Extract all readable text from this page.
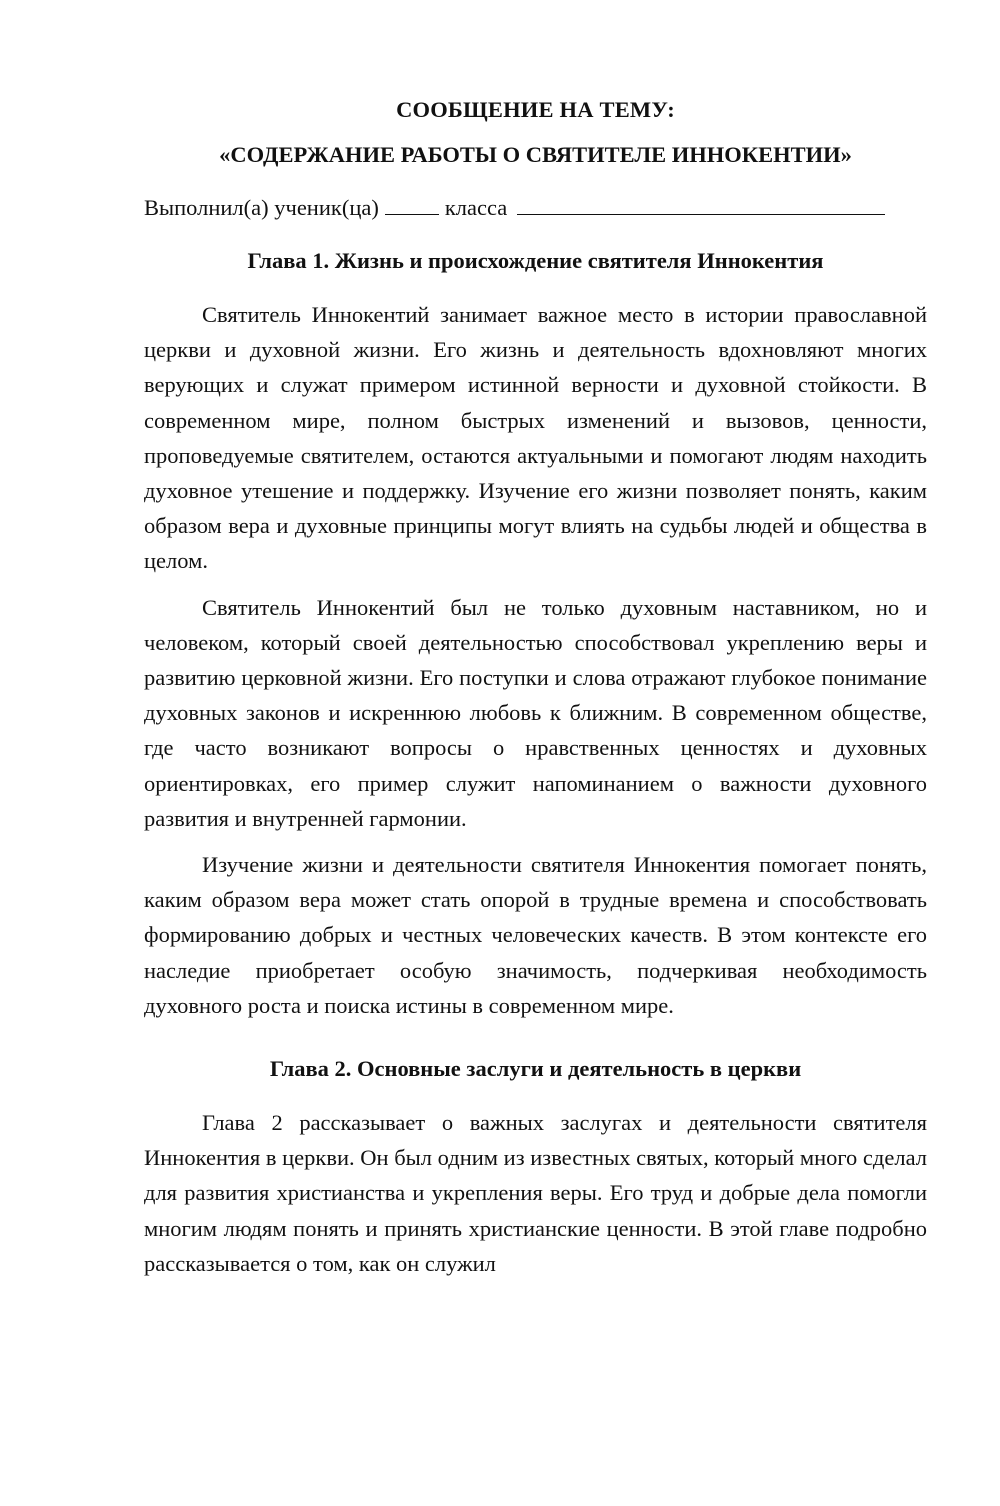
СООБЩЕНИЕ НА ТЕМУ:
«СОДЕРЖАНИЕ РАБОТЫ О СВЯТИТЕЛЕ ИННОКЕНТИИ»

Выполнил(а) ученик(ца)	класса

Глава 1. Жизнь и происхождение святителя Иннокентия

Святитель Иннокентий занимает важное место в истории православной церкви и духовной жизни. Его жизнь и деятельность вдохновляют многих верующих и служат примером истинной верности и духовной стойкости. В современном мире, полном быстрых изменений и вызовов, ценности, проповедуемые святителем, остаются актуальными и помогают людям находить духовное утешение и поддержку. Изучение его жизни позволяет понять, каким образом вера и духовные принципы могут влиять на судьбы людей и общества в целом.

Святитель Иннокентий был не только духовным наставником, но и человеком, который своей деятельностью способствовал укреплению веры и развитию церковной жизни. Его поступки и слова отражают глубокое понимание духовных законов и искреннюю любовь к ближним. В современном обществе, где часто возникают вопросы о нравственных ценностях и духовных ориентировках, его пример служит напоминанием о важности духовного развития и внутренней гармонии.

Изучение жизни и деятельности святителя Иннокентия помогает понять, каким образом вера может стать опорой в трудные времена и способствовать формированию добрых и честных человеческих качеств. В этом контексте его наследие приобретает особую значимость, подчеркивая необходимость духовного роста и поиска истины в современном мире.

Глава 2. Основные заслуги и деятельность в церкви

Глава 2 рассказывает о важных заслугах и деятельности святителя Иннокентия в церкви. Он был одним из известных святых, который много сделал для развития христианства и укрепления веры. Его труд и добрые дела помогли многим людям понять и принять христианские ценности. В этой главе подробно рассказывается о том, как он служил
